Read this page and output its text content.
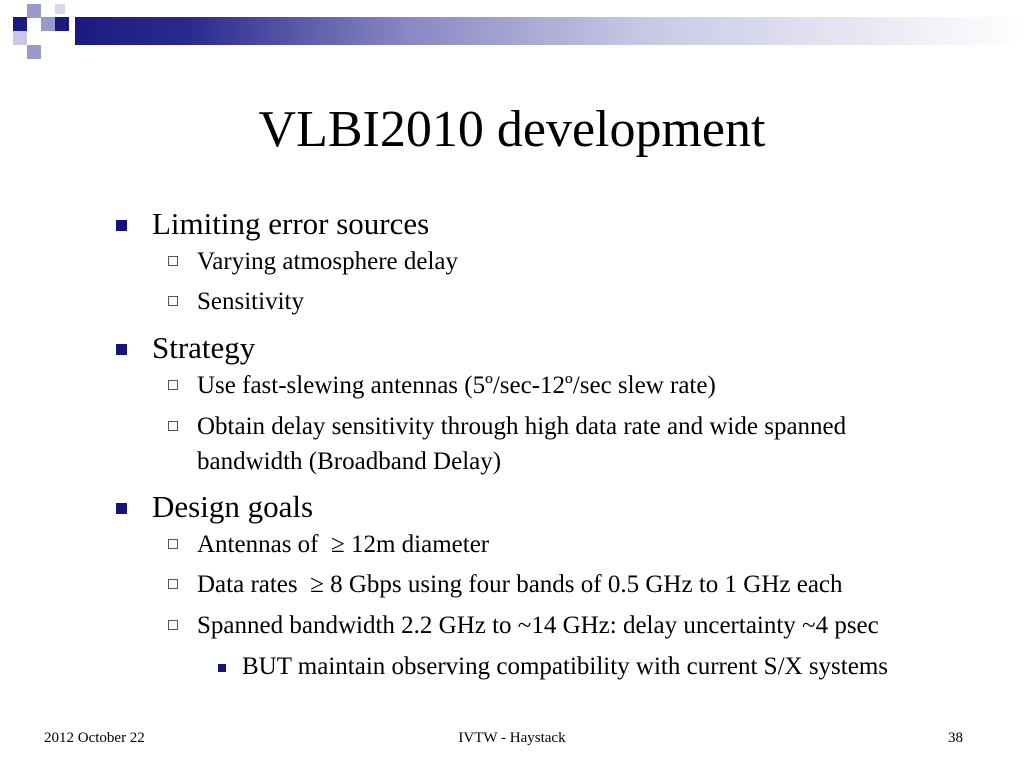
VLBI2010 development
Limiting error sources
Varying atmosphere delay
Sensitivity
Strategy
Use fast-slewing antennas (5º/sec-12º/sec slew rate)
Obtain delay sensitivity through high data rate and wide spanned bandwidth (Broadband Delay)
Design goals
Antennas of  ≥ 12m diameter
Data rates  ≥ 8 Gbps using four bands of 0.5 GHz to 1 GHz each
Spanned bandwidth 2.2 GHz to ~14 GHz: delay uncertainty ~4 psec
BUT maintain observing compatibility with current S/X systems
2012 October 22	IVTW - Haystack	38
